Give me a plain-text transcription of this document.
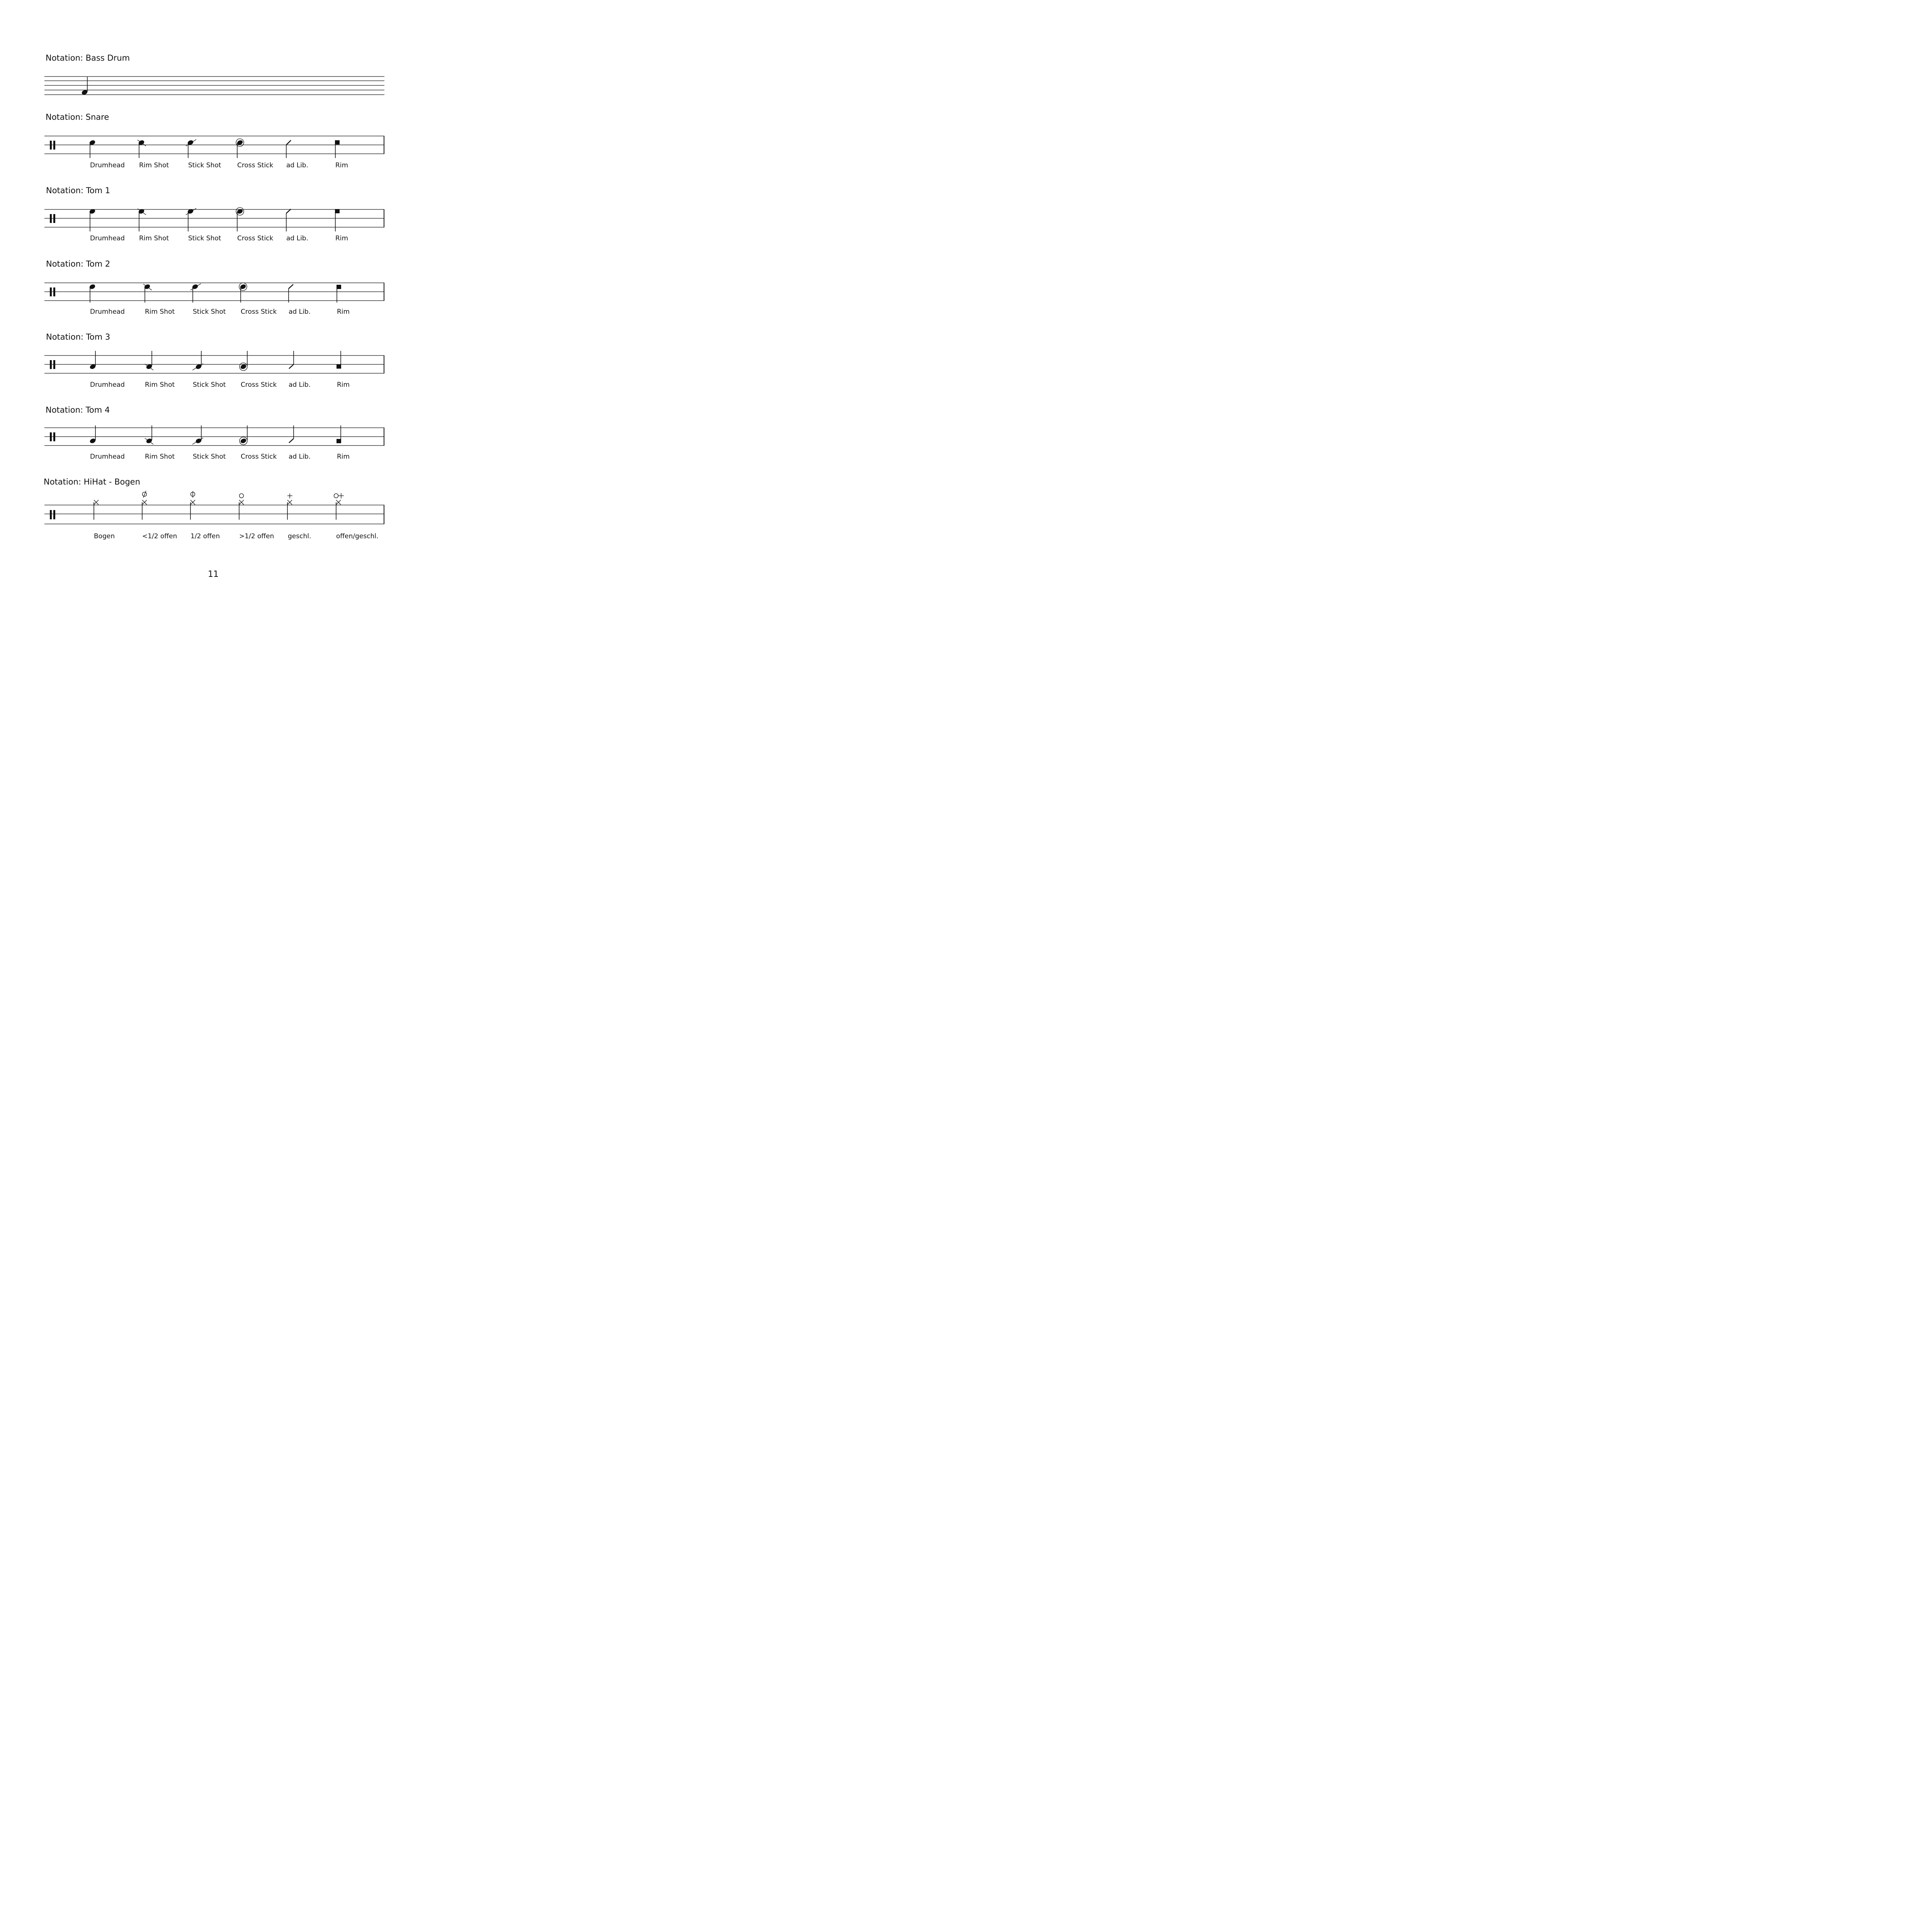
Notation: Bass Drum
Notation: Snare
Notation: Tom 1
Notation: Tom 2
Notation: Tom 3
Notation: Tom 4
Notation: HiHat - Bogen
Drumhead Rim Shot	Stick Shot Cross Stick ad Lib.	Rim
Drumhead Rim Shot	Stick Shot Cross Stick ad Lib.	Rim
Drumhead	Rim Shot	Stick Shot Cross Stick ad Lib.	Rim
Drumhead	Rim Shot	Stick Shot Cross Stick ad Lib.	Rim
Drumhead	Rim Shot	Stick Shot Cross Stick ad Lib.	Rim
Bogen	<1/2 offen 1/2 offen	>1/2 offen geschl.	offen/geschl.
11
